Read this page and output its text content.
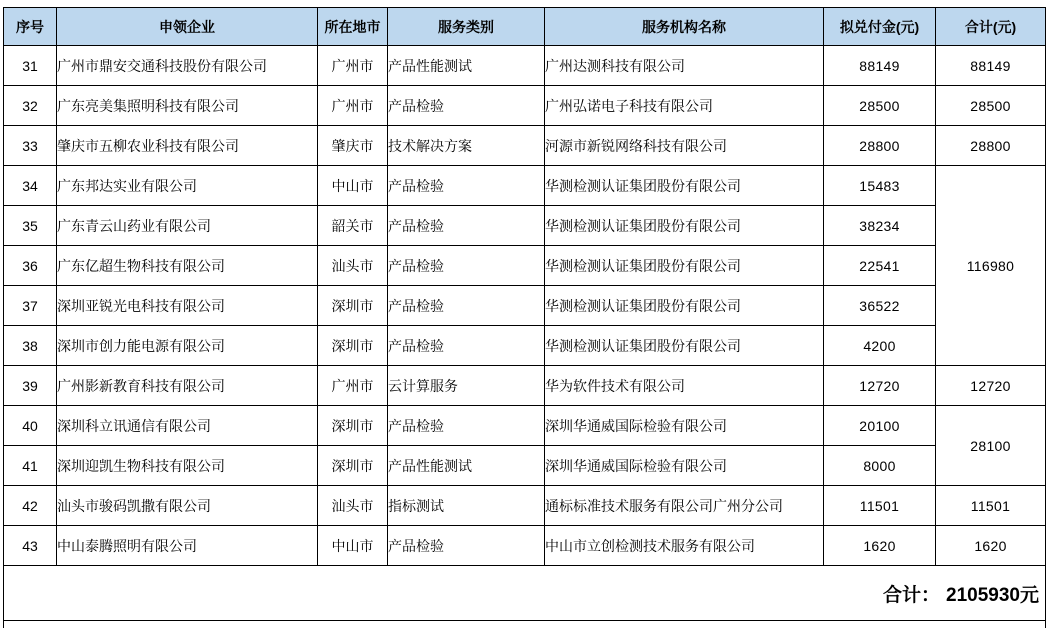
序号	申领企业	所在地市	服务类别	服务机构名称	拟兑付金(元)	合计(元)
31	广州市鼎安交通科技股份有限公司	广州市	产品性能测试	广州达测科技有限公司	88149	88149
32	广东亮美集照明科技有限公司	广州市	产品检验	广州弘诺电子科技有限公司	28500	28500
33	肇庆市五柳农业科技有限公司	肇庆市	技术解决方案	河源市新锐网络科技有限公司	28800	28800
34	广东邦达实业有限公司	中山市	产品检验	华测检测认证集团股份有限公司	15483	116980
35	广东青云山药业有限公司	韶关市	产品检验	华测检测认证集团股份有限公司	38234	
36	广东亿超生物科技有限公司	汕头市	产品检验	华测检测认证集团股份有限公司	22541	
37	深圳亚锐光电科技有限公司	深圳市	产品检验	华测检测认证集团股份有限公司	36522	
38	深圳市创力能电源有限公司	深圳市	产品检验	华测检测认证集团股份有限公司	4200	
39	广州影新教育科技有限公司	广州市	云计算服务	华为软件技术有限公司	12720	12720
40	深圳科立讯通信有限公司	深圳市	产品检验	深圳华通威国际检验有限公司	20100	28100
41	深圳迎凯生物科技有限公司	深圳市	产品性能测试	深圳华通威国际检验有限公司	8000	
42	汕头市骏码凯撒有限公司	汕头市	指标测试	通标标准技术服务有限公司广州分公司	11501	11501
43	中山泰腾照明有限公司	中山市	产品检验	中山市立创检测技术服务有限公司	1620	1620
合计： 2105930元						
